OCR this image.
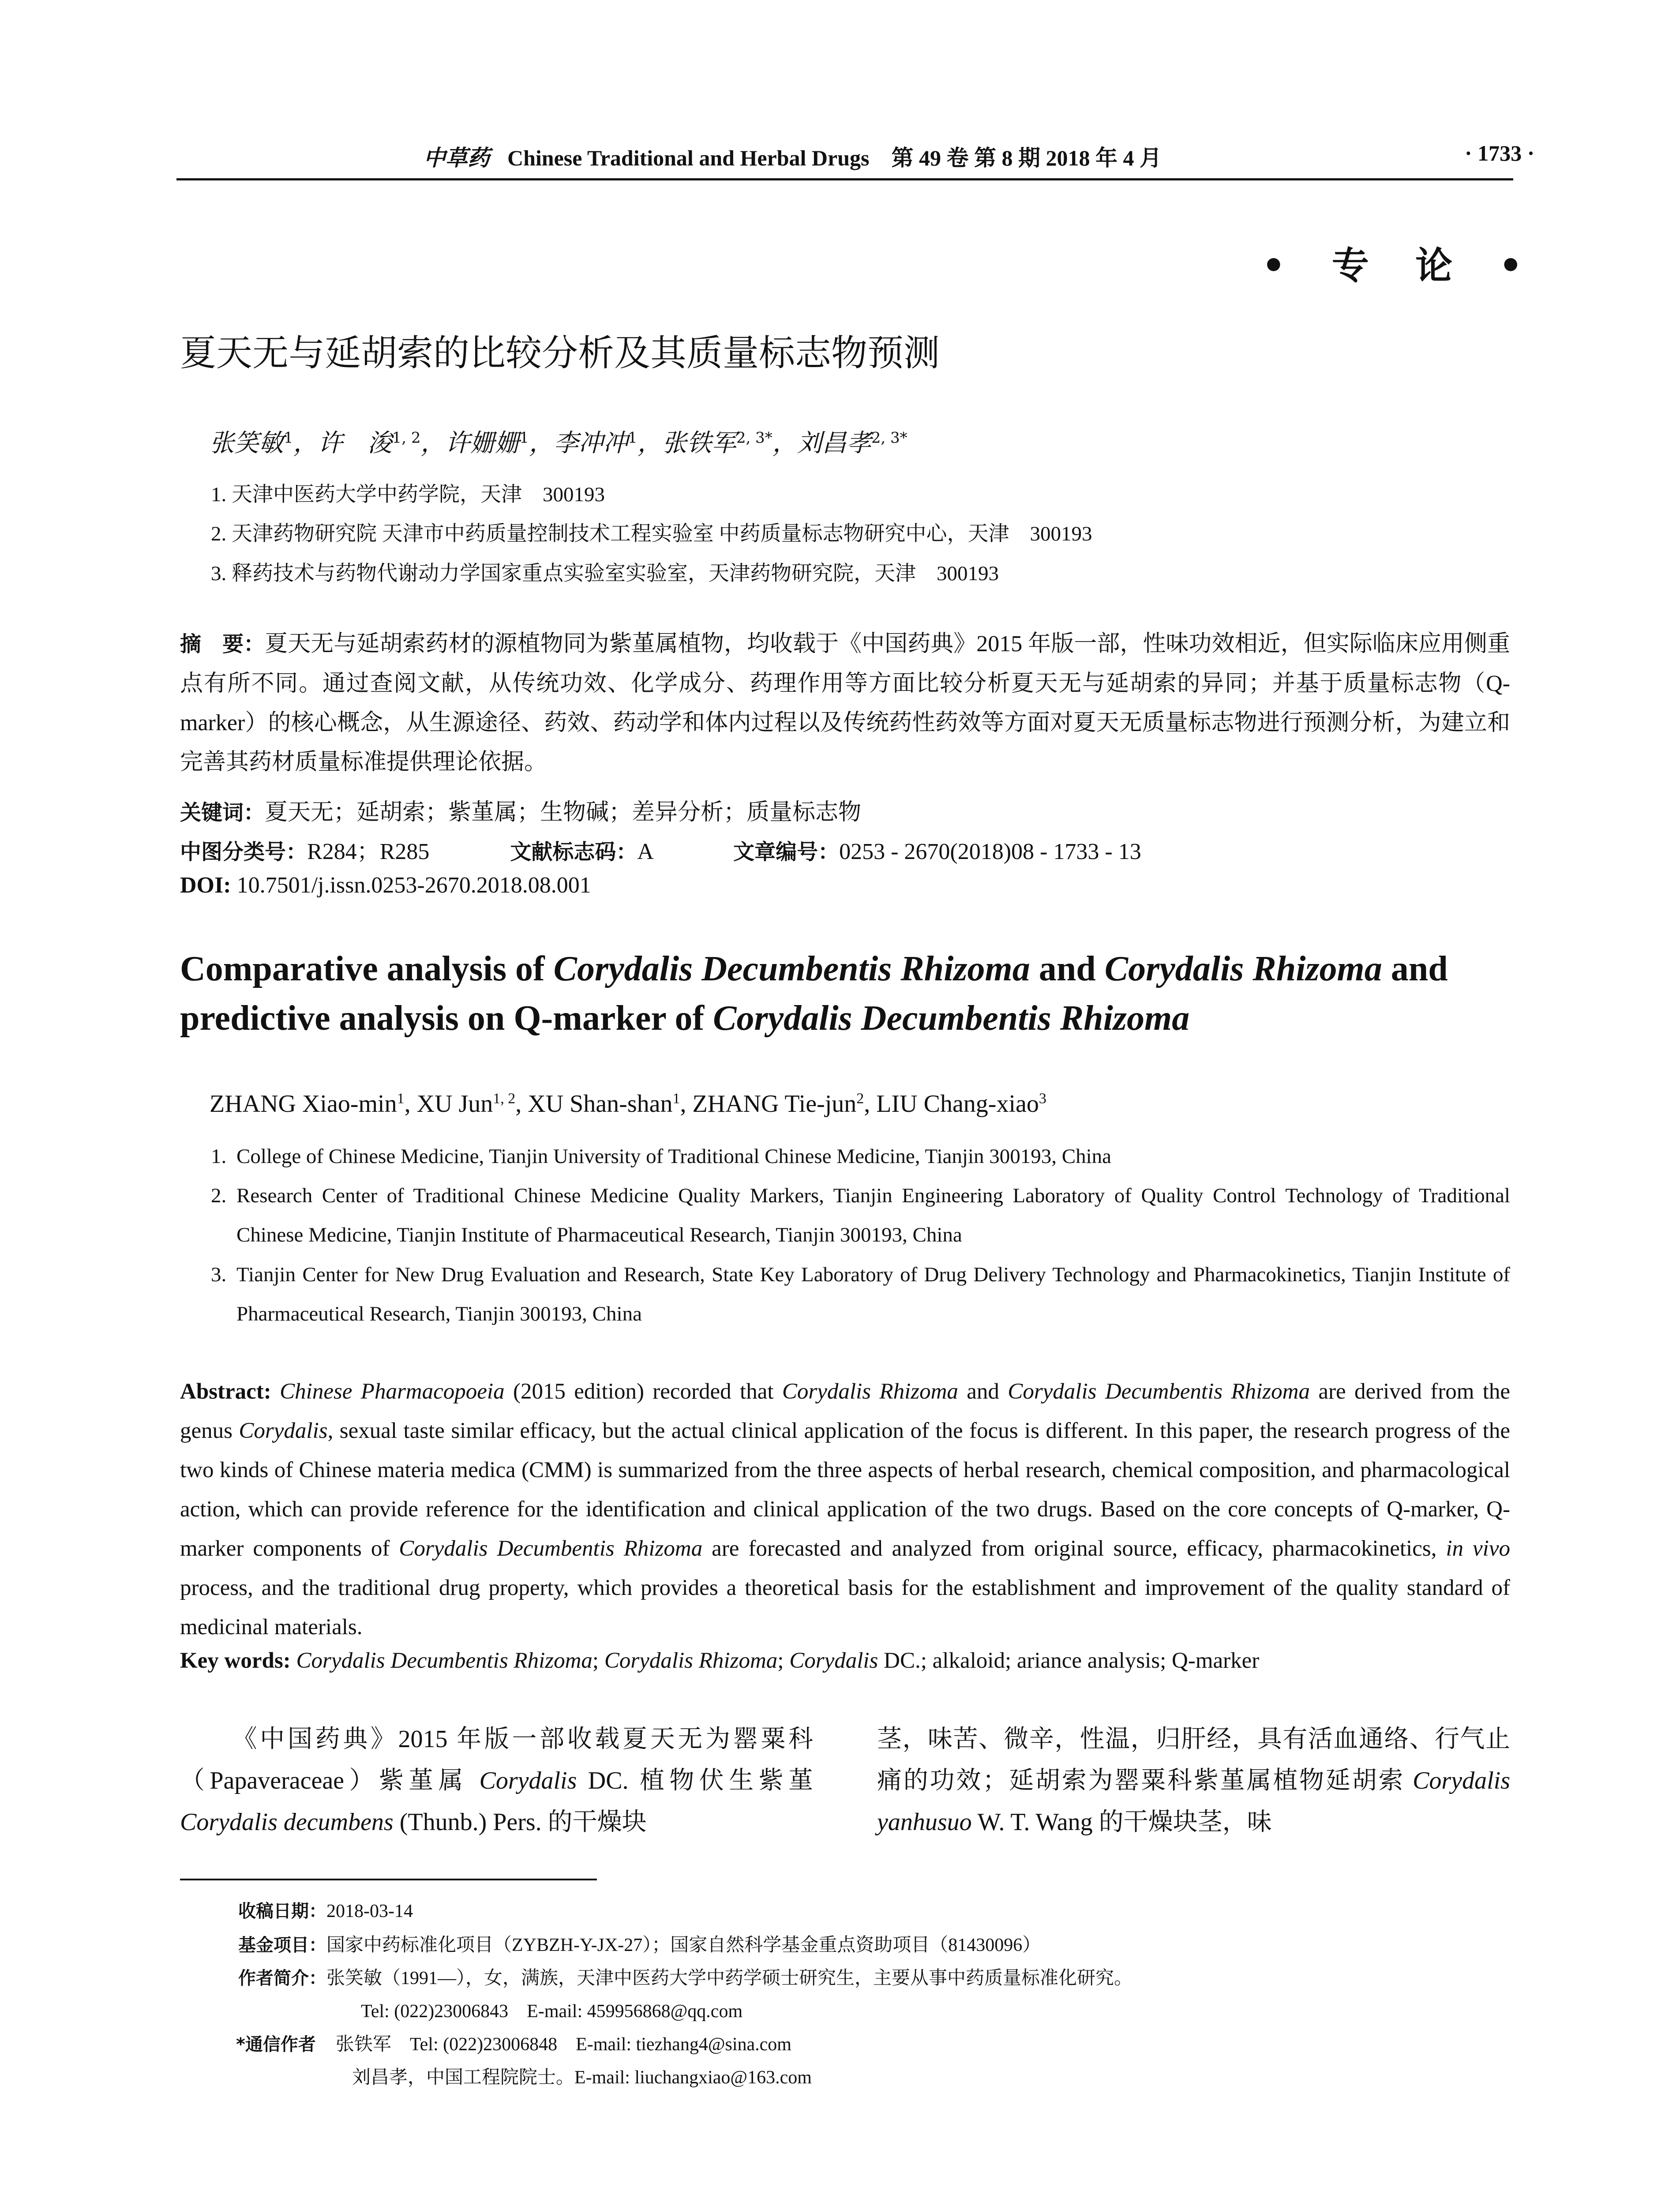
中草药 Chinese Traditional and Herbal Drugs　第 49 卷 第 8 期 2018 年 4 月	· 1733 ·
• 专 论 •
夏天无与延胡索的比较分析及其质量标志物预测
张笑敏$^1$，许　浚$^{1, 2}$，许姗姗$^1$，李冲冲$^1$，张铁军$^{2, 3*}$，刘昌孝$^{2, 3*}$
1. 天津中医药大学中药学院，天津　300193
2. 天津药物研究院 天津市中药质量控制技术工程实验室 中药质量标志物研究中心，天津　300193
3. 释药技术与药物代谢动力学国家重点实验室实验室，天津药物研究院，天津　300193
摘　要：夏天无与延胡索药材的源植物同为紫堇属植物，均收载于《中国药典》2015 年版一部，性味功效相近，但实际临床应用侧重点有所不同。通过查阅文献，从传统功效、化学成分、药理作用等方面比较分析夏天无与延胡索的异同；并基于质量标志物（Q-marker）的核心概念，从生源途径、药效、药动学和体内过程以及传统药性药效等方面对夏天无质量标志物进行预测分析，为建立和完善其药材质量标准提供理论依据。
关键词：夏天无；延胡索；紫堇属；生物碱；差异分析；质量标志物
中图分类号：R284；R285	文献标志码：A	文章编号：0253 - 2670(2018)08 - 1733 - 13
DOI: 10.7501/j.issn.0253-2670.2018.08.001
Comparative analysis of Corydalis Decumbentis Rhizoma and Corydalis Rhizoma and predictive analysis on Q-marker of Corydalis Decumbentis Rhizoma
ZHANG Xiao-$\min^1$, XU Jun$^{1, 2}$, XU Shan-shan$^1$, ZHANG Tie-jun$^2$, LIU Chang-xiao$^3$
1. College of Chinese Medicine, Tianjin University of Traditional Chinese Medicine, Tianjin 300193, China
2. Research Center of Traditional Chinese Medicine Quality Markers, Tianjin Engineering Laboratory of Quality Control Technology of Traditional Chinese Medicine, Tianjin Institute of Pharmaceutical Research, Tianjin 300193, China
3. Tianjin Center for New Drug Evaluation and Research, State Key Laboratory of Drug Delivery Technology and Pharmacokinetics, Tianjin Institute of Pharmaceutical Research, Tianjin 300193, China
Abstract: Chinese Pharmacopoeia (2015 edition) recorded that Corydalis Rhizoma and Corydalis Decumbentis Rhizoma are derived from the genus Corydalis, sexual taste similar efficacy, but the actual clinical application of the focus is different. In this paper, the research progress of the two kinds of Chinese materia medica (CMM) is summarized from the three aspects of herbal research, chemical composition, and pharmacological action, which can provide reference for the identification and clinical application of the two drugs. Based on the core concepts of Q-marker, Q-marker components of Corydalis Decumbentis Rhizoma are forecasted and analyzed from original source, efficacy, pharmacokinetics, in vivo process, and the traditional drug property, which provides a theoretical basis for the establishment and improvement of the quality standard of medicinal materials.
Key words: Corydalis Decumbentis Rhizoma; Corydalis Rhizoma; Corydalis DC.; alkaloid; ariance analysis; Q-marker
《中国药典》2015 年版一部收载夏天无为罂粟科（Papaveraceae）紫堇属 Corydalis DC. 植物伏生紫堇 Corydalis decumbens (Thunb.) Pers. 的干燥块
茎，味苦、微辛，性温，归肝经，具有活血通络、行气止痛的功效；延胡索为罂粟科紫堇属植物延胡索 Corydalis yanhusuo W. T. Wang 的干燥块茎，味
收稿日期：2018-03-14
基金项目：国家中药标准化项目（ZYBZH-Y-JX-27）；国家自然科学基金重点资助项目（81430096）
作者简介：张笑敏（1991—），女，满族，天津中医药大学中药学硕士研究生，主要从事中药质量标准化研究。
Tel: (022)23006843　E-mail: 459956868@qq.com
*通信作者 张铁军　Tel: (022)23006848　E-mail: tiezhang4@sina.com
刘昌孝，中国工程院院士。E-mail: liuchangxiao@163.com
